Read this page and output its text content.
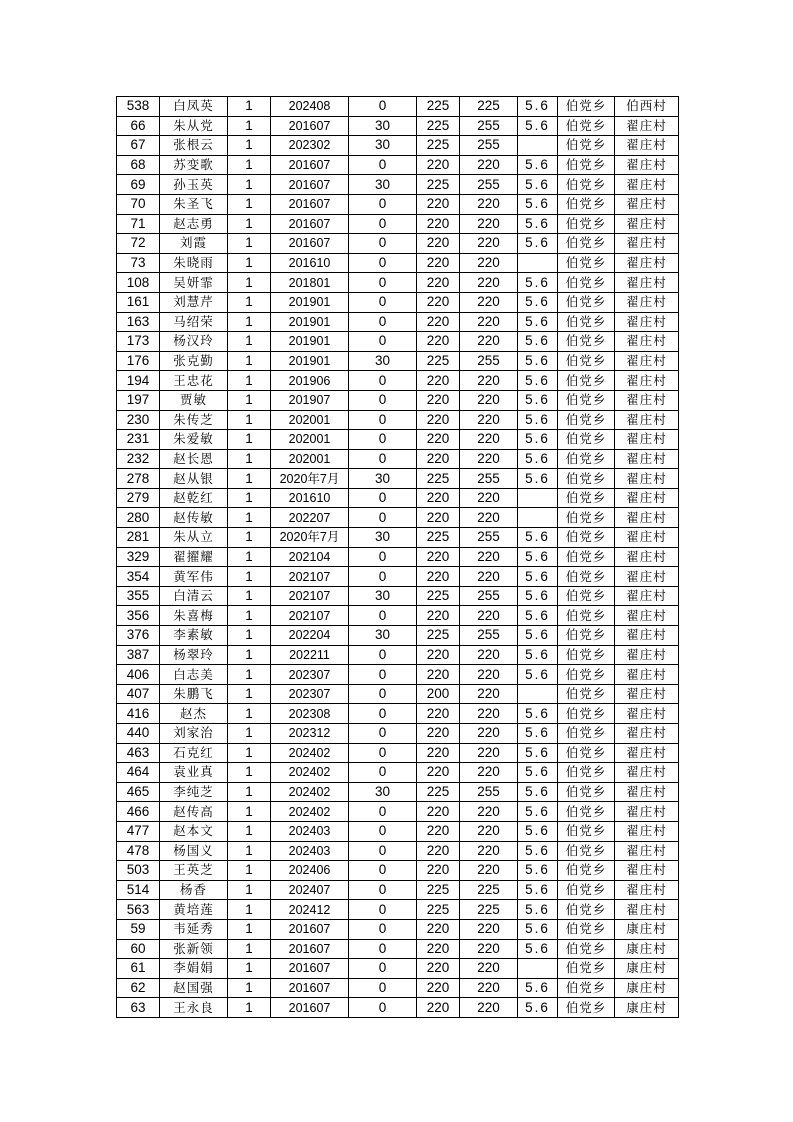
538	白凤英	1	202408	0	225	225	5.6	伯党乡	伯西村
66	朱从党	1	201607	30	225	255	5.6	伯党乡	翟庄村
67	张根云	1	202302	30	225	255		伯党乡	翟庄村
68	苏变歌	1	201607	0	220	220	5.6	伯党乡	翟庄村
69	孙玉英	1	201607	30	225	255	5.6	伯党乡	翟庄村
70	朱圣飞	1	201607	0	220	220	5.6	伯党乡	翟庄村
71	赵志勇	1	201607	0	220	220	5.6	伯党乡	翟庄村
72	刘霞	1	201607	0	220	220	5.6	伯党乡	翟庄村
73	朱晓雨	1	201610	0	220	220		伯党乡	翟庄村
108	吴妍霏	1	201801	0	220	220	5.6	伯党乡	翟庄村
161	刘慧芹	1	201901	0	220	220	5.6	伯党乡	翟庄村
163	马绍荣	1	201901	0	220	220	5.6	伯党乡	翟庄村
173	杨汉玲	1	201901	0	220	220	5.6	伯党乡	翟庄村
176	张克勤	1	201901	30	225	255	5.6	伯党乡	翟庄村
194	王忠花	1	201906	0	220	220	5.6	伯党乡	翟庄村
197	贾敏	1	201907	0	220	220	5.6	伯党乡	翟庄村
230	朱传芝	1	202001	0	220	220	5.6	伯党乡	翟庄村
231	朱爱敏	1	202001	0	220	220	5.6	伯党乡	翟庄村
232	赵长恩	1	202001	0	220	220	5.6	伯党乡	翟庄村
278	赵从银	1	2020年7月	30	225	255	5.6	伯党乡	翟庄村
279	赵乾红	1	201610	0	220	220		伯党乡	翟庄村
280	赵传敏	1	202207	0	220	220		伯党乡	翟庄村
281	朱从立	1	2020年7月	30	225	255	5.6	伯党乡	翟庄村
329	翟擢耀	1	202104	0	220	220	5.6	伯党乡	翟庄村
354	黄军伟	1	202107	0	220	220	5.6	伯党乡	翟庄村
355	白清云	1	202107	30	225	255	5.6	伯党乡	翟庄村
356	朱喜梅	1	202107	0	220	220	5.6	伯党乡	翟庄村
376	李素敏	1	202204	30	225	255	5.6	伯党乡	翟庄村
387	杨翠玲	1	202211	0	220	220	5.6	伯党乡	翟庄村
406	白志美	1	202307	0	220	220	5.6	伯党乡	翟庄村
407	朱鹏飞	1	202307	0	200	220		伯党乡	翟庄村
416	赵杰	1	202308	0	220	220	5.6	伯党乡	翟庄村
440	刘家治	1	202312	0	220	220	5.6	伯党乡	翟庄村
463	石克红	1	202402	0	220	220	5.6	伯党乡	翟庄村
464	袁业真	1	202402	0	220	220	5.6	伯党乡	翟庄村
465	李纯芝	1	202402	30	225	255	5.6	伯党乡	翟庄村
466	赵传高	1	202402	0	220	220	5.6	伯党乡	翟庄村
477	赵本文	1	202403	0	220	220	5.6	伯党乡	翟庄村
478	杨国义	1	202403	0	220	220	5.6	伯党乡	翟庄村
503	王英芝	1	202406	0	220	220	5.6	伯党乡	翟庄村
514	杨香	1	202407	0	225	225	5.6	伯党乡	翟庄村
563	黄培莲	1	202412	0	225	225	5.6	伯党乡	翟庄村
59	韦延秀	1	201607	0	220	220	5.6	伯党乡	康庄村
60	张新领	1	201607	0	220	220	5.6	伯党乡	康庄村
61	李娟娟	1	201607	0	220	220		伯党乡	康庄村
62	赵国强	1	201607	0	220	220	5.6	伯党乡	康庄村
63	王永良	1	201607	0	220	220	5.6	伯党乡	康庄村
